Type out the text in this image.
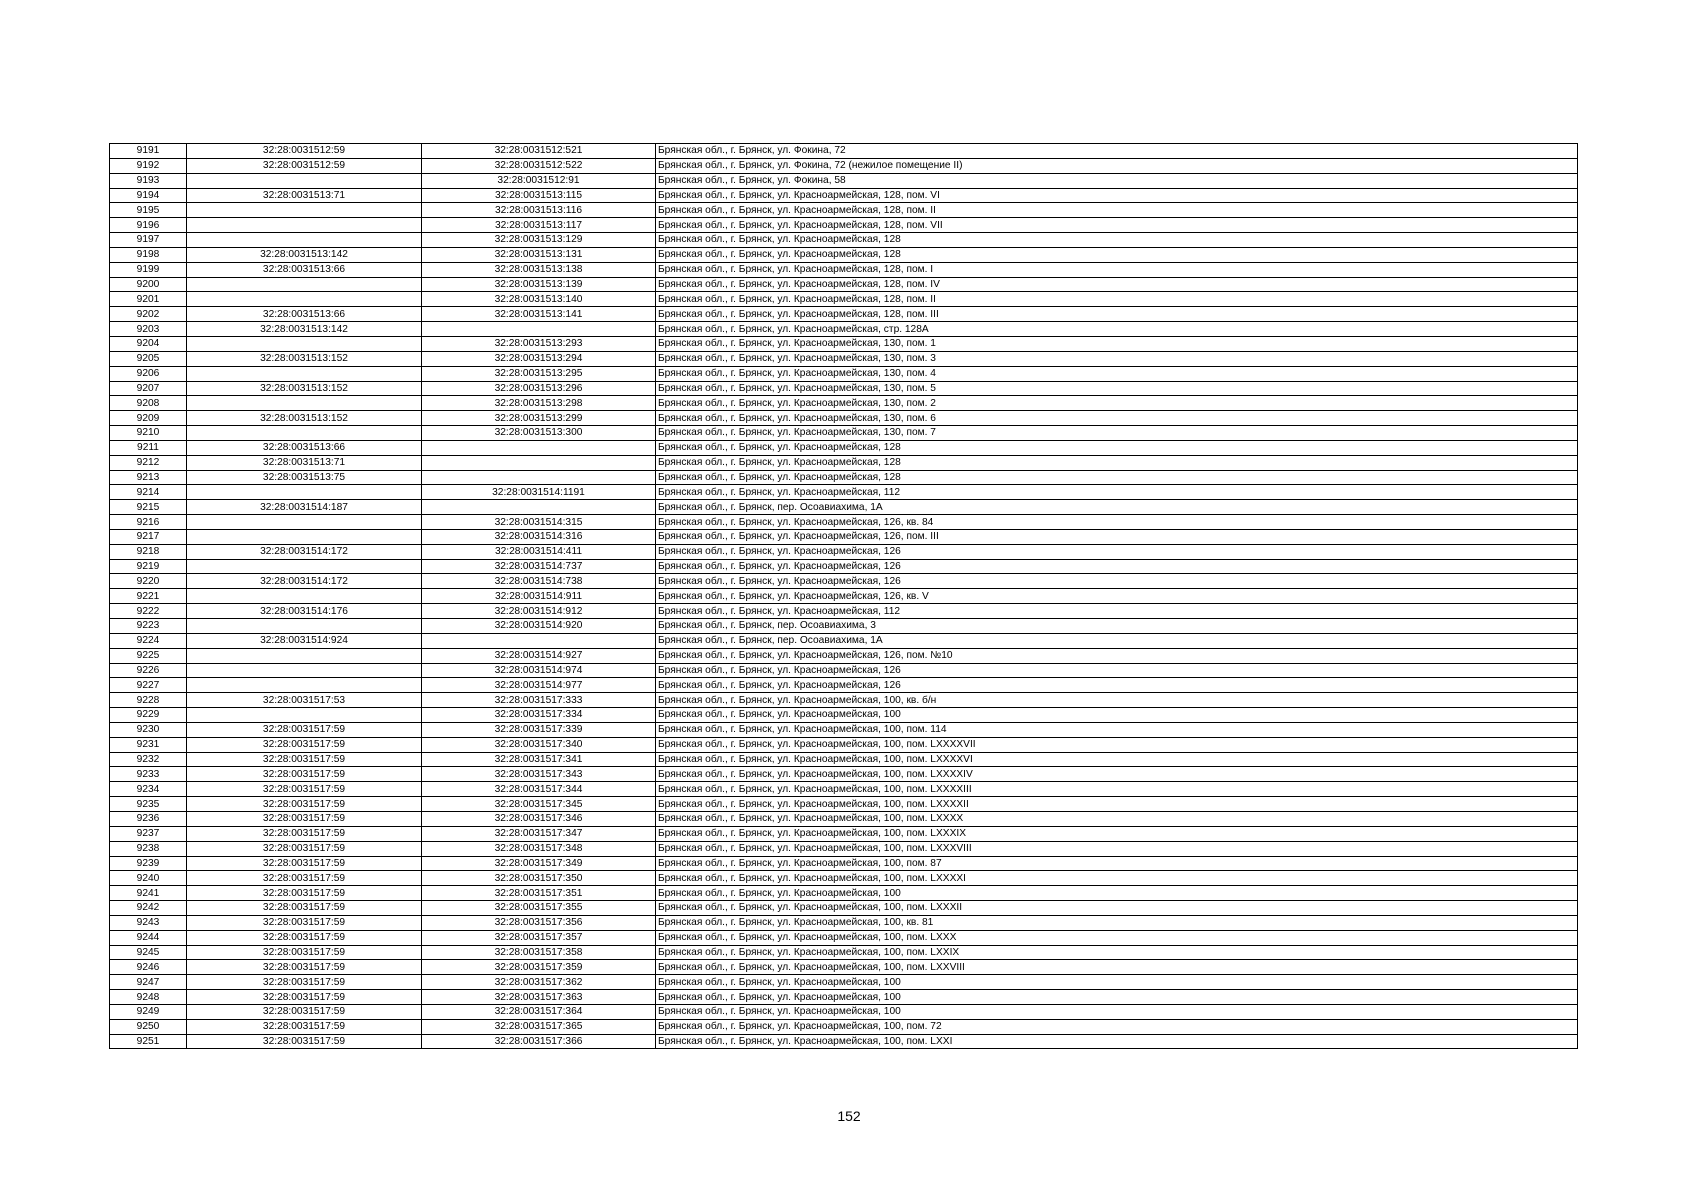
9191	32:28:0031512:59	32:28:0031512:521	Брянская обл., г. Брянск, ул. Фокина, 72
9192	32:28:0031512:59	32:28:0031512:522	Брянская обл., г. Брянск, ул. Фокина, 72 (нежилое помещение II)
9193		32:28:0031512:91	Брянская обл., г. Брянск, ул. Фокина, 58
9194	32:28:0031513:71	32:28:0031513:115	Брянская обл., г. Брянск, ул. Красноармейская, 128, пом. VI
9195		32:28:0031513:116	Брянская обл., г. Брянск, ул. Красноармейская, 128, пом. II
9196		32:28:0031513:117	Брянская обл., г. Брянск, ул. Красноармейская, 128, пом. VII
9197		32:28:0031513:129	Брянская обл., г. Брянск, ул. Красноармейская, 128
9198	32:28:0031513:142	32:28:0031513:131	Брянская обл., г. Брянск, ул. Красноармейская, 128
9199	32:28:0031513:66	32:28:0031513:138	Брянская обл., г. Брянск, ул. Красноармейская, 128, пом. I
9200		32:28:0031513:139	Брянская обл., г. Брянск, ул. Красноармейская, 128, пом. IV
9201		32:28:0031513:140	Брянская обл., г. Брянск, ул. Красноармейская, 128, пом. II
9202	32:28:0031513:66	32:28:0031513:141	Брянская обл., г. Брянск, ул. Красноармейская, 128, пом. III
9203	32:28:0031513:142		Брянская обл., г. Брянск, ул. Красноармейская, стр. 128А
9204		32:28:0031513:293	Брянская обл., г. Брянск, ул. Красноармейская, 130, пом. 1
9205	32:28:0031513:152	32:28:0031513:294	Брянская обл., г. Брянск, ул. Красноармейская, 130, пом. 3
9206		32:28:0031513:295	Брянская обл., г. Брянск, ул. Красноармейская, 130, пом. 4
9207	32:28:0031513:152	32:28:0031513:296	Брянская обл., г. Брянск, ул. Красноармейская, 130, пом. 5
9208		32:28:0031513:298	Брянская обл., г. Брянск, ул. Красноармейская, 130, пом. 2
9209	32:28:0031513:152	32:28:0031513:299	Брянская обл., г. Брянск, ул. Красноармейская, 130, пом. 6
9210		32:28:0031513:300	Брянская обл., г. Брянск, ул. Красноармейская, 130, пом. 7
9211	32:28:0031513:66		Брянская обл., г. Брянск, ул. Красноармейская, 128
9212	32:28:0031513:71		Брянская обл., г. Брянск, ул. Красноармейская, 128
9213	32:28:0031513:75		Брянская обл., г. Брянск, ул. Красноармейская, 128
9214		32:28:0031514:1191	Брянская обл., г. Брянск, ул. Красноармейская, 112
9215	32:28:0031514:187		Брянская обл., г. Брянск, пер. Осоавиахима, 1А
9216		32:28:0031514:315	Брянская обл., г. Брянск, ул. Красноармейская, 126, кв. 84
9217		32:28:0031514:316	Брянская обл., г. Брянск, ул. Красноармейская, 126, пом. III
9218	32:28:0031514:172	32:28:0031514:411	Брянская обл., г. Брянск, ул. Красноармейская, 126
9219		32:28:0031514:737	Брянская обл., г. Брянск, ул. Красноармейская, 126
9220	32:28:0031514:172	32:28:0031514:738	Брянская обл., г. Брянск, ул. Красноармейская, 126
9221		32:28:0031514:911	Брянская обл., г. Брянск, ул. Красноармейская, 126, кв. V
9222	32:28:0031514:176	32:28:0031514:912	Брянская обл., г. Брянск, ул. Красноармейская, 112
9223		32:28:0031514:920	Брянская обл., г. Брянск, пер. Осоавиахима, 3
9224	32:28:0031514:924		Брянская обл., г. Брянск, пер. Осоавиахима, 1А
9225		32:28:0031514:927	Брянская обл., г. Брянск, ул. Красноармейская, 126, пом. №10
9226		32:28:0031514:974	Брянская обл., г. Брянск, ул. Красноармейская, 126
9227		32:28:0031514:977	Брянская обл., г. Брянск, ул. Красноармейская, 126
9228	32:28:0031517:53	32:28:0031517:333	Брянская обл., г. Брянск, ул. Красноармейская, 100, кв. б/н
9229		32:28:0031517:334	Брянская обл., г. Брянск, ул. Красноармейская, 100
9230	32:28:0031517:59	32:28:0031517:339	Брянская обл., г. Брянск, ул. Красноармейская, 100, пом. 114
9231	32:28:0031517:59	32:28:0031517:340	Брянская обл., г. Брянск, ул. Красноармейская, 100, пом. LXXXXVII
9232	32:28:0031517:59	32:28:0031517:341	Брянская обл., г. Брянск, ул. Красноармейская, 100, пом. LXXXXVI
9233	32:28:0031517:59	32:28:0031517:343	Брянская обл., г. Брянск, ул. Красноармейская, 100, пом. LXXXXIV
9234	32:28:0031517:59	32:28:0031517:344	Брянская обл., г. Брянск, ул. Красноармейская, 100, пом. LXXXXIII
9235	32:28:0031517:59	32:28:0031517:345	Брянская обл., г. Брянск, ул. Красноармейская, 100, пом. LXXXXII
9236	32:28:0031517:59	32:28:0031517:346	Брянская обл., г. Брянск, ул. Красноармейская, 100, пом. LXXXX
9237	32:28:0031517:59	32:28:0031517:347	Брянская обл., г. Брянск, ул. Красноармейская, 100, пом. LXXXIX
9238	32:28:0031517:59	32:28:0031517:348	Брянская обл., г. Брянск, ул. Красноармейская, 100, пом. LXXXVIII
9239	32:28:0031517:59	32:28:0031517:349	Брянская обл., г. Брянск, ул. Красноармейская, 100, пом. 87
9240	32:28:0031517:59	32:28:0031517:350	Брянская обл., г. Брянск, ул. Красноармейская, 100, пом. LXXXXI
9241	32:28:0031517:59	32:28:0031517:351	Брянская обл., г. Брянск, ул. Красноармейская, 100
9242	32:28:0031517:59	32:28:0031517:355	Брянская обл., г. Брянск, ул. Красноармейская, 100, пом. LXXXII
9243	32:28:0031517:59	32:28:0031517:356	Брянская обл., г. Брянск, ул. Красноармейская, 100, кв. 81
9244	32:28:0031517:59	32:28:0031517:357	Брянская обл., г. Брянск, ул. Красноармейская, 100, пом. LXXX
9245	32:28:0031517:59	32:28:0031517:358	Брянская обл., г. Брянск, ул. Красноармейская, 100, пом. LXXIX
9246	32:28:0031517:59	32:28:0031517:359	Брянская обл., г. Брянск, ул. Красноармейская, 100, пом. LXXVIII
9247	32:28:0031517:59	32:28:0031517:362	Брянская обл., г. Брянск, ул. Красноармейская, 100
9248	32:28:0031517:59	32:28:0031517:363	Брянская обл., г. Брянск, ул. Красноармейская, 100
9249	32:28:0031517:59	32:28:0031517:364	Брянская обл., г. Брянск, ул. Красноармейская, 100
9250	32:28:0031517:59	32:28:0031517:365	Брянская обл., г. Брянск, ул. Красноармейская, 100, пом. 72
9251	32:28:0031517:59	32:28:0031517:366	Брянская обл., г. Брянск, ул. Красноармейская, 100, пом. LXXI
152
